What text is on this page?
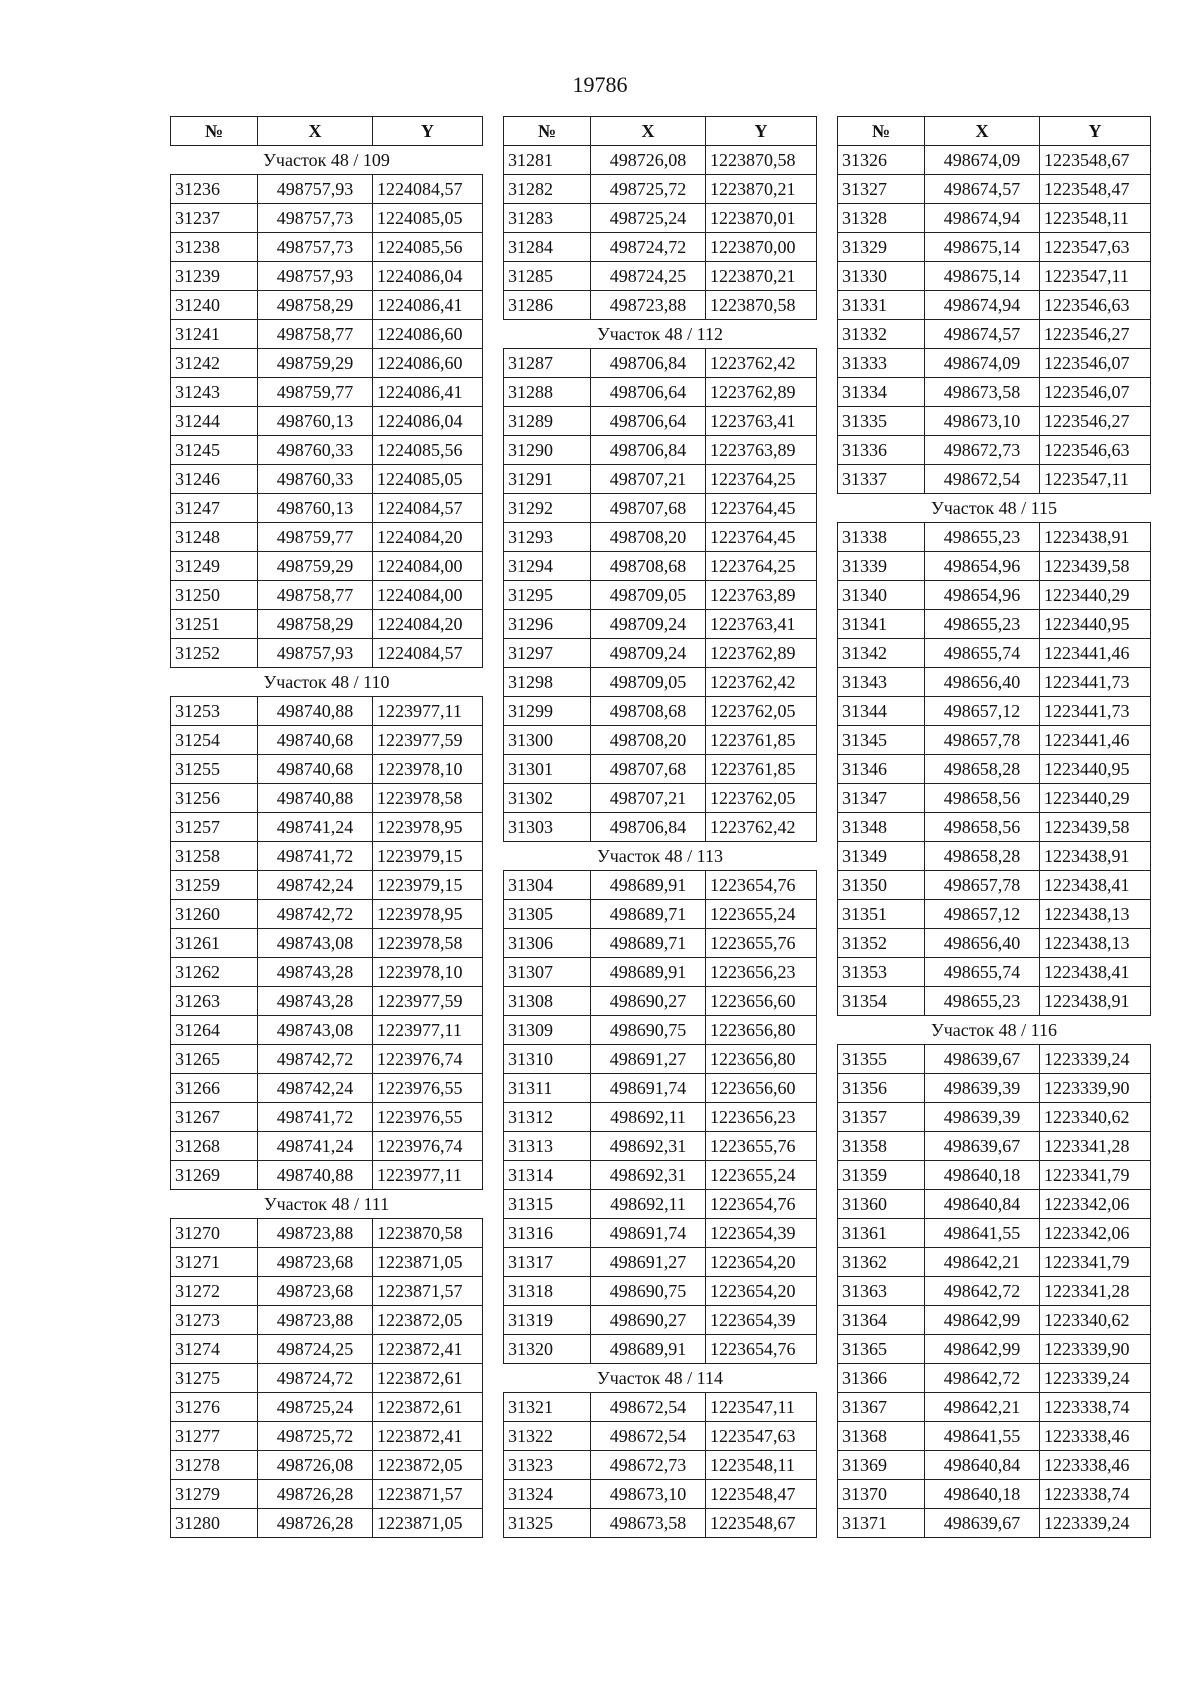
19786
№	X	Y
Участок 48 / 109		
31236	498757,93	1224084,57
31237	498757,73	1224085,05
31238	498757,73	1224085,56
31239	498757,93	1224086,04
31240	498758,29	1224086,41
31241	498758,77	1224086,60
31242	498759,29	1224086,60
31243	498759,77	1224086,41
31244	498760,13	1224086,04
31245	498760,33	1224085,56
31246	498760,33	1224085,05
31247	498760,13	1224084,57
31248	498759,77	1224084,20
31249	498759,29	1224084,00
31250	498758,77	1224084,00
31251	498758,29	1224084,20
31252	498757,93	1224084,57
Участок 48 / 110		
31253	498740,88	1223977,11
31254	498740,68	1223977,59
31255	498740,68	1223978,10
31256	498740,88	1223978,58
31257	498741,24	1223978,95
31258	498741,72	1223979,15
31259	498742,24	1223979,15
31260	498742,72	1223978,95
31261	498743,08	1223978,58
31262	498743,28	1223978,10
31263	498743,28	1223977,59
31264	498743,08	1223977,11
31265	498742,72	1223976,74
31266	498742,24	1223976,55
31267	498741,72	1223976,55
31268	498741,24	1223976,74
31269	498740,88	1223977,11
Участок 48 / 111		
31270	498723,88	1223870,58
31271	498723,68	1223871,05
31272	498723,68	1223871,57
31273	498723,88	1223872,05
31274	498724,25	1223872,41
31275	498724,72	1223872,61
31276	498725,24	1223872,61
31277	498725,72	1223872,41
31278	498726,08	1223872,05
31279	498726,28	1223871,57
31280	498726,28	1223871,05
№	X	Y
31281	498726,08	1223870,58
31282	498725,72	1223870,21
31283	498725,24	1223870,01
31284	498724,72	1223870,00
31285	498724,25	1223870,21
31286	498723,88	1223870,58
Участок 48 / 112		
31287	498706,84	1223762,42
31288	498706,64	1223762,89
31289	498706,64	1223763,41
31290	498706,84	1223763,89
31291	498707,21	1223764,25
31292	498707,68	1223764,45
31293	498708,20	1223764,45
31294	498708,68	1223764,25
31295	498709,05	1223763,89
31296	498709,24	1223763,41
31297	498709,24	1223762,89
31298	498709,05	1223762,42
31299	498708,68	1223762,05
31300	498708,20	1223761,85
31301	498707,68	1223761,85
31302	498707,21	1223762,05
31303	498706,84	1223762,42
Участок 48 / 113		
31304	498689,91	1223654,76
31305	498689,71	1223655,24
31306	498689,71	1223655,76
31307	498689,91	1223656,23
31308	498690,27	1223656,60
31309	498690,75	1223656,80
31310	498691,27	1223656,80
31311	498691,74	1223656,60
31312	498692,11	1223656,23
31313	498692,31	1223655,76
31314	498692,31	1223655,24
31315	498692,11	1223654,76
31316	498691,74	1223654,39
31317	498691,27	1223654,20
31318	498690,75	1223654,20
31319	498690,27	1223654,39
31320	498689,91	1223654,76
Участок 48 / 114		
31321	498672,54	1223547,11
31322	498672,54	1223547,63
31323	498672,73	1223548,11
31324	498673,10	1223548,47
31325	498673,58	1223548,67
№	X	Y
31326	498674,09	1223548,67
31327	498674,57	1223548,47
31328	498674,94	1223548,11
31329	498675,14	1223547,63
31330	498675,14	1223547,11
31331	498674,94	1223546,63
31332	498674,57	1223546,27
31333	498674,09	1223546,07
31334	498673,58	1223546,07
31335	498673,10	1223546,27
31336	498672,73	1223546,63
31337	498672,54	1223547,11
Участок 48 / 115		
31338	498655,23	1223438,91
31339	498654,96	1223439,58
31340	498654,96	1223440,29
31341	498655,23	1223440,95
31342	498655,74	1223441,46
31343	498656,40	1223441,73
31344	498657,12	1223441,73
31345	498657,78	1223441,46
31346	498658,28	1223440,95
31347	498658,56	1223440,29
31348	498658,56	1223439,58
31349	498658,28	1223438,91
31350	498657,78	1223438,41
31351	498657,12	1223438,13
31352	498656,40	1223438,13
31353	498655,74	1223438,41
31354	498655,23	1223438,91
Участок 48 / 116		
31355	498639,67	1223339,24
31356	498639,39	1223339,90
31357	498639,39	1223340,62
31358	498639,67	1223341,28
31359	498640,18	1223341,79
31360	498640,84	1223342,06
31361	498641,55	1223342,06
31362	498642,21	1223341,79
31363	498642,72	1223341,28
31364	498642,99	1223340,62
31365	498642,99	1223339,90
31366	498642,72	1223339,24
31367	498642,21	1223338,74
31368	498641,55	1223338,46
31369	498640,84	1223338,46
31370	498640,18	1223338,74
31371	498639,67	1223339,24
